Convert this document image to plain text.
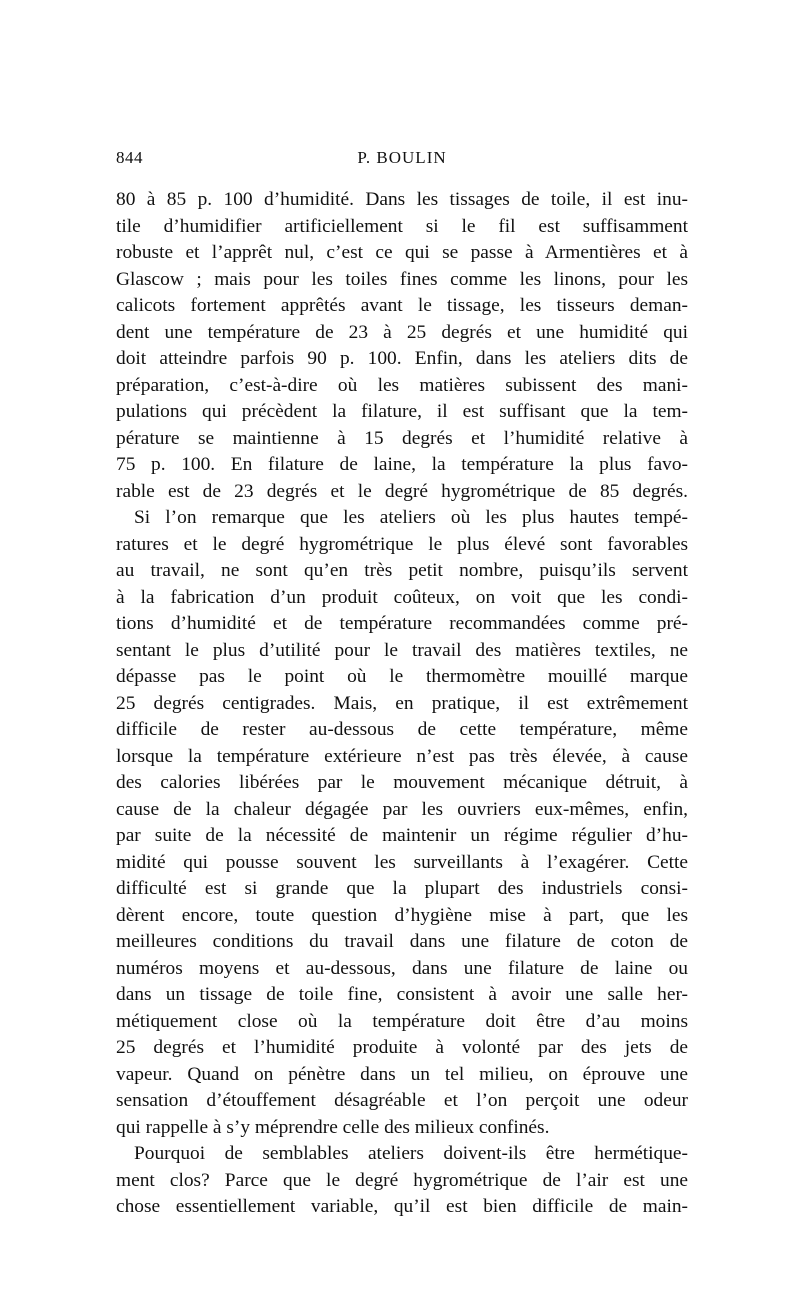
844	P. BOULIN
80 à 85 p. 100 d’humidité. Dans les tissages de toile, il est inu-
tile d’humidifier artificiellement si le fil est suffisamment
robuste et l’apprêt nul, c’est ce qui se passe à Armentières et à
Glascow ; mais pour les toiles fines comme les linons, pour les
calicots fortement apprêtés avant le tissage, les tisseurs deman-
dent une température de 23 à 25 degrés et une humidité qui
doit atteindre parfois 90 p. 100. Enfin, dans les ateliers dits de
préparation, c’est-à-dire où les matières subissent des mani-
pulations qui précèdent la filature, il est suffisant que la tem-
pérature se maintienne à 15 degrés et l’humidité relative à
75 p. 100. En filature de laine, la température la plus favo-
rable est de 23 degrés et le degré hygrométrique de 85 degrés.
Si l’on remarque que les ateliers où les plus hautes tempé-
ratures et le degré hygrométrique le plus élevé sont favorables
au travail, ne sont qu’en très petit nombre, puisqu’ils servent
à la fabrication d’un produit coûteux, on voit que les condi-
tions d’humidité et de température recommandées comme pré-
sentant le plus d’utilité pour le travail des matières textiles, ne
dépasse pas le point où le thermomètre mouillé marque
25 degrés centigrades. Mais, en pratique, il est extrêmement
difficile de rester au-dessous de cette température, même
lorsque la température extérieure n’est pas très élevée, à cause
des calories libérées par le mouvement mécanique détruit, à
cause de la chaleur dégagée par les ouvriers eux-mêmes, enfin,
par suite de la nécessité de maintenir un régime régulier d’hu-
midité qui pousse souvent les surveillants à l’exagérer. Cette
difficulté est si grande que la plupart des industriels consi-
dèrent encore, toute question d’hygiène mise à part, que les
meilleures conditions du travail dans une filature de coton de
numéros moyens et au-dessous, dans une filature de laine ou
dans un tissage de toile fine, consistent à avoir une salle her-
métiquement close où la température doit être d’au moins
25 degrés et l’humidité produite à volonté par des jets de
vapeur. Quand on pénètre dans un tel milieu, on éprouve une
sensation d’étouffement désagréable et l’on perçoit une odeur
qui rappelle à s’y méprendre celle des milieux confinés.
Pourquoi de semblables ateliers doivent-ils être hermétique-
ment clos? Parce que le degré hygrométrique de l’air est une
chose essentiellement variable, qu’il est bien difficile de main-
